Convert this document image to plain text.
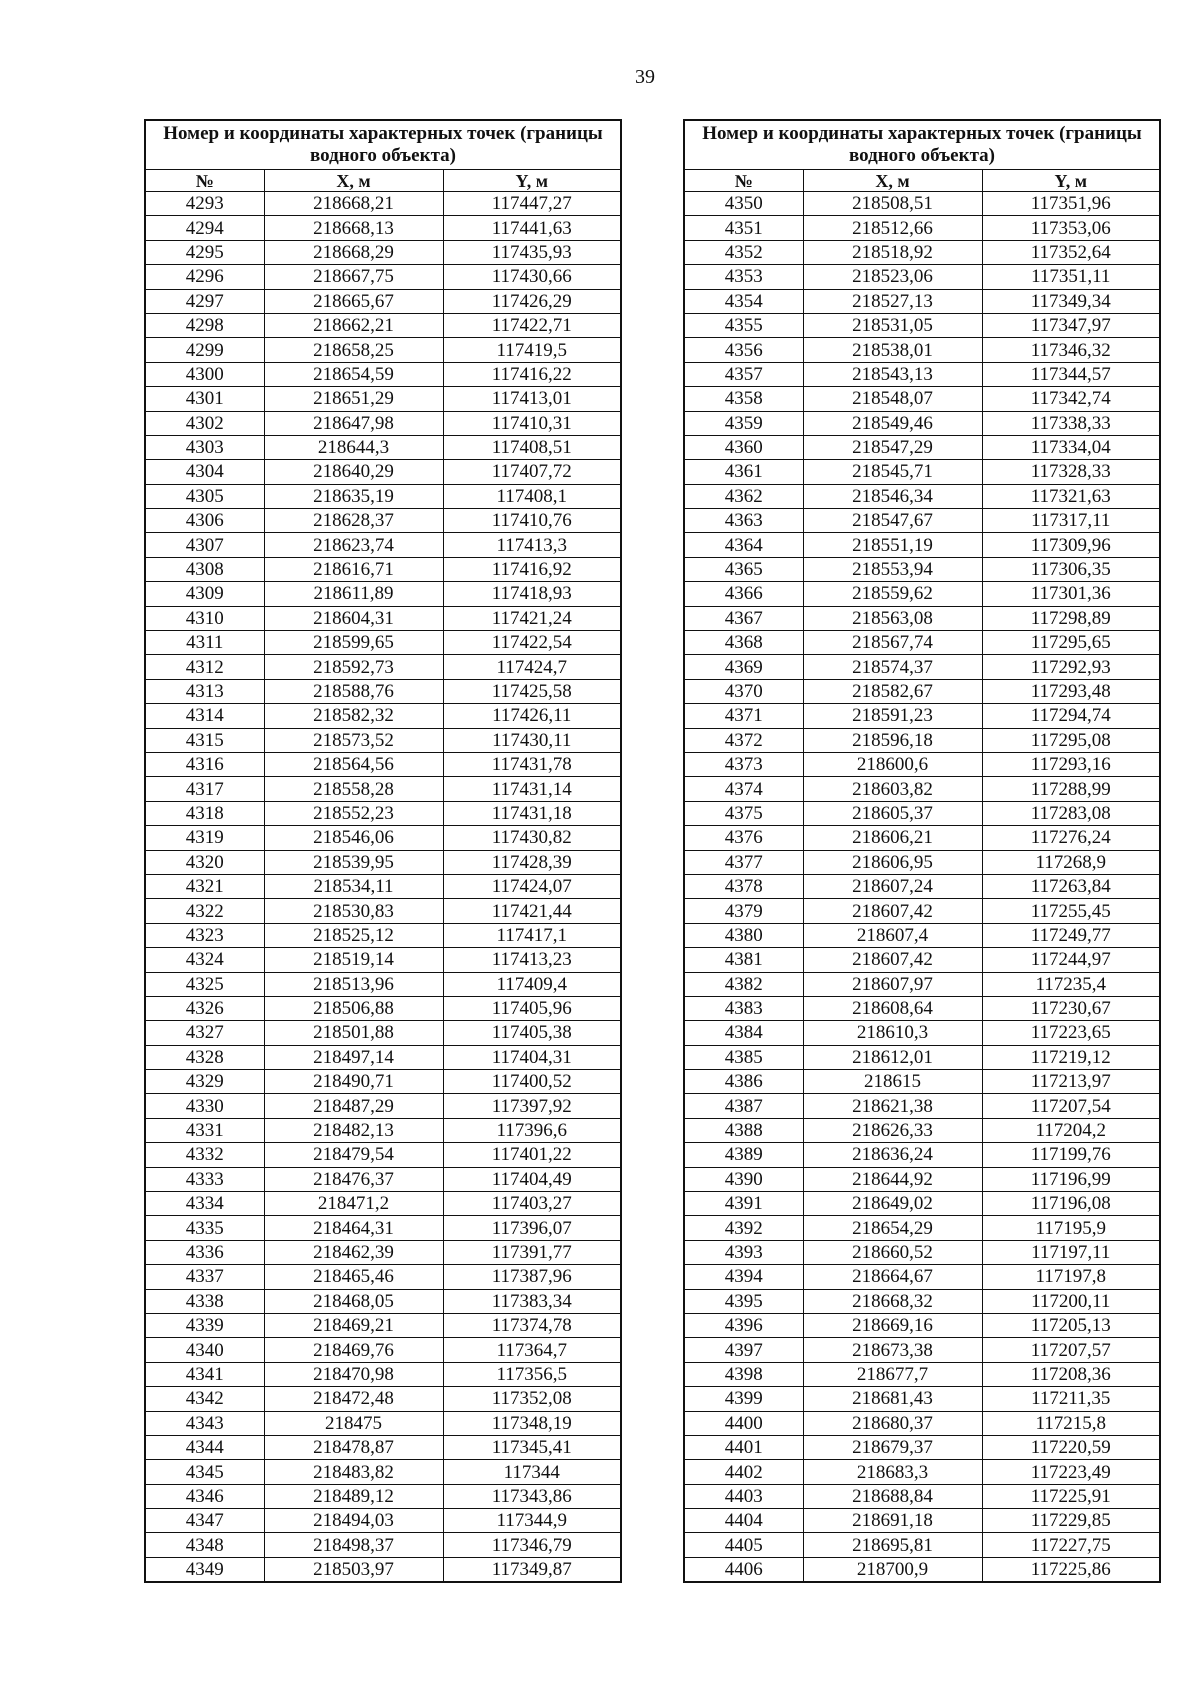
39
Номер и координаты характерных точек (границы водного объекта)		
№	X, м	Y, м
4293	218668,21	117447,27
4294	218668,13	117441,63
4295	218668,29	117435,93
4296	218667,75	117430,66
4297	218665,67	117426,29
4298	218662,21	117422,71
4299	218658,25	117419,5
4300	218654,59	117416,22
4301	218651,29	117413,01
4302	218647,98	117410,31
4303	218644,3	117408,51
4304	218640,29	117407,72
4305	218635,19	117408,1
4306	218628,37	117410,76
4307	218623,74	117413,3
4308	218616,71	117416,92
4309	218611,89	117418,93
4310	218604,31	117421,24
4311	218599,65	117422,54
4312	218592,73	117424,7
4313	218588,76	117425,58
4314	218582,32	117426,11
4315	218573,52	117430,11
4316	218564,56	117431,78
4317	218558,28	117431,14
4318	218552,23	117431,18
4319	218546,06	117430,82
4320	218539,95	117428,39
4321	218534,11	117424,07
4322	218530,83	117421,44
4323	218525,12	117417,1
4324	218519,14	117413,23
4325	218513,96	117409,4
4326	218506,88	117405,96
4327	218501,88	117405,38
4328	218497,14	117404,31
4329	218490,71	117400,52
4330	218487,29	117397,92
4331	218482,13	117396,6
4332	218479,54	117401,22
4333	218476,37	117404,49
4334	218471,2	117403,27
4335	218464,31	117396,07
4336	218462,39	117391,77
4337	218465,46	117387,96
4338	218468,05	117383,34
4339	218469,21	117374,78
4340	218469,76	117364,7
4341	218470,98	117356,5
4342	218472,48	117352,08
4343	218475	117348,19
4344	218478,87	117345,41
4345	218483,82	117344
4346	218489,12	117343,86
4347	218494,03	117344,9
4348	218498,37	117346,79
4349	218503,97	117349,87
Номер и координаты характерных точек (границы водного объекта)		
№	X, м	Y, м
4350	218508,51	117351,96
4351	218512,66	117353,06
4352	218518,92	117352,64
4353	218523,06	117351,11
4354	218527,13	117349,34
4355	218531,05	117347,97
4356	218538,01	117346,32
4357	218543,13	117344,57
4358	218548,07	117342,74
4359	218549,46	117338,33
4360	218547,29	117334,04
4361	218545,71	117328,33
4362	218546,34	117321,63
4363	218547,67	117317,11
4364	218551,19	117309,96
4365	218553,94	117306,35
4366	218559,62	117301,36
4367	218563,08	117298,89
4368	218567,74	117295,65
4369	218574,37	117292,93
4370	218582,67	117293,48
4371	218591,23	117294,74
4372	218596,18	117295,08
4373	218600,6	117293,16
4374	218603,82	117288,99
4375	218605,37	117283,08
4376	218606,21	117276,24
4377	218606,95	117268,9
4378	218607,24	117263,84
4379	218607,42	117255,45
4380	218607,4	117249,77
4381	218607,42	117244,97
4382	218607,97	117235,4
4383	218608,64	117230,67
4384	218610,3	117223,65
4385	218612,01	117219,12
4386	218615	117213,97
4387	218621,38	117207,54
4388	218626,33	117204,2
4389	218636,24	117199,76
4390	218644,92	117196,99
4391	218649,02	117196,08
4392	218654,29	117195,9
4393	218660,52	117197,11
4394	218664,67	117197,8
4395	218668,32	117200,11
4396	218669,16	117205,13
4397	218673,38	117207,57
4398	218677,7	117208,36
4399	218681,43	117211,35
4400	218680,37	117215,8
4401	218679,37	117220,59
4402	218683,3	117223,49
4403	218688,84	117225,91
4404	218691,18	117229,85
4405	218695,81	117227,75
4406	218700,9	117225,86
